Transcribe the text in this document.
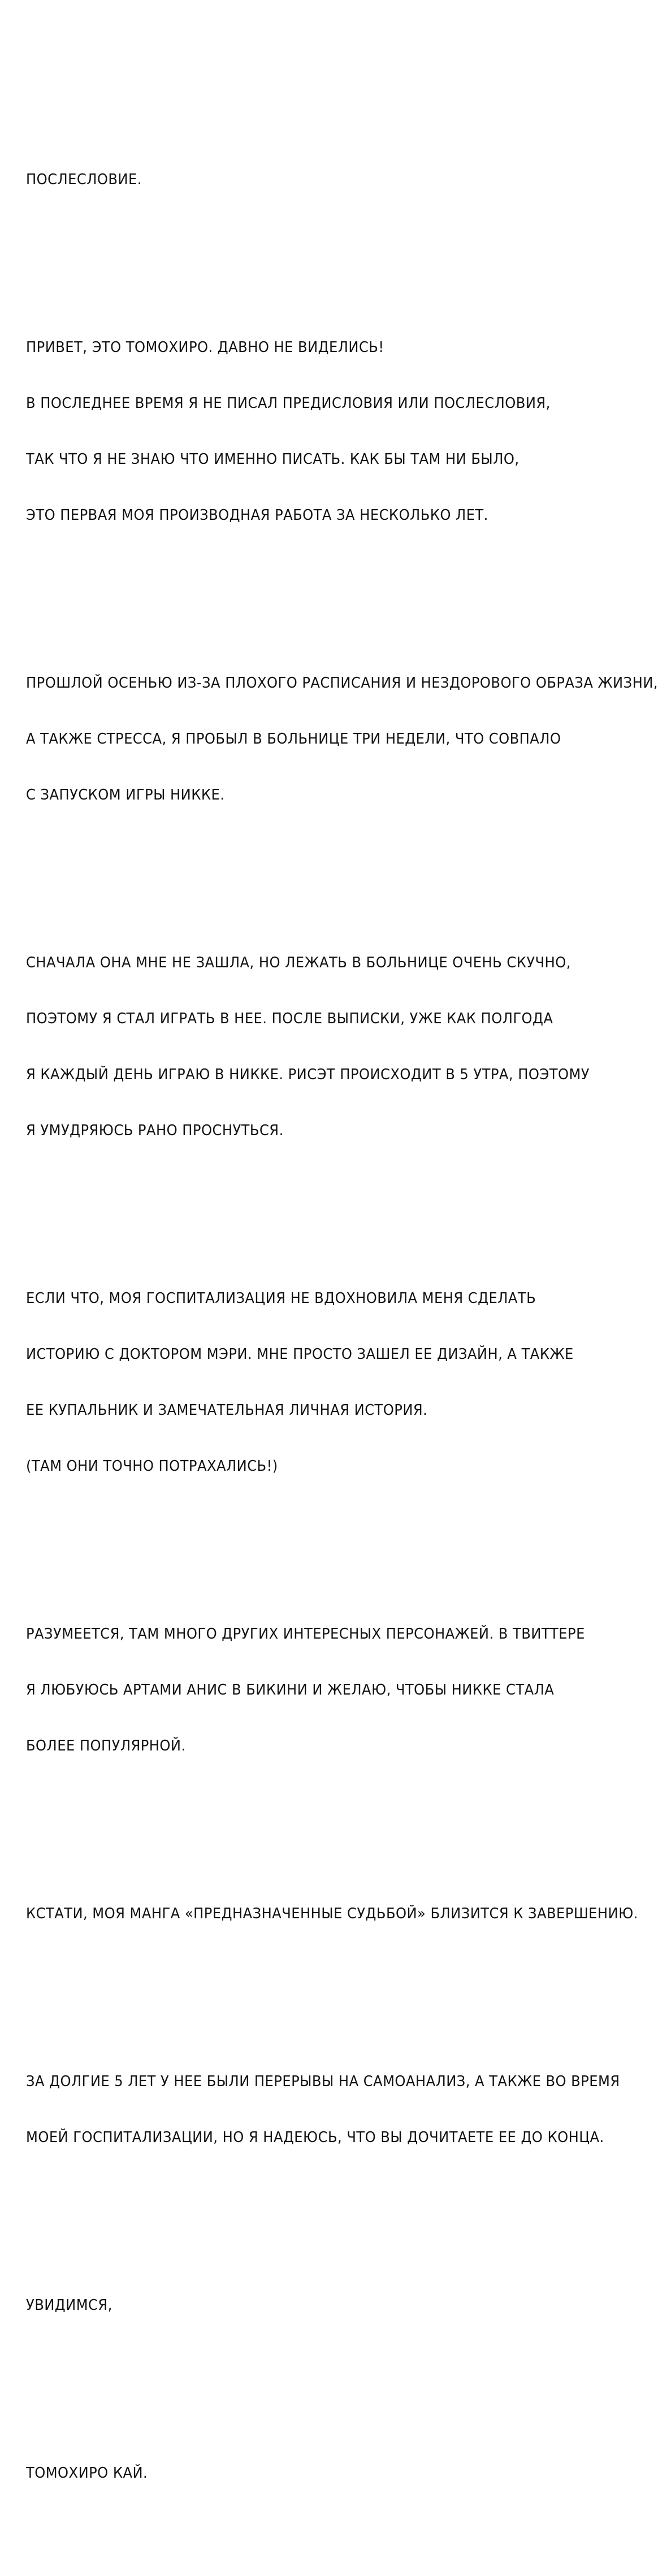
ПОСЛЕСЛОВИЕ.

ПРИВЕТ, ЭТО ТОМОХИРО. ДАВНО НЕ ВИДЕЛИСЬ!

В ПОСЛЕДНЕЕ ВРЕМЯ Я НЕ ПИСАЛ ПРЕДИСЛОВИЯ ИЛИ ПОСЛЕСЛОВИЯ,

ТАК ЧТО Я НЕ ЗНАЮ ЧТО ИМЕННО ПИСАТЬ. КАК БЫ ТАМ НИ БЫЛО,

ЭТО ПЕРВАЯ МОЯ ПРОИЗВОДНАЯ РАБОТА ЗА НЕСКОЛЬКО ЛЕТ.

ПРОШЛОЙ ОСЕНЬЮ ИЗ-ЗА ПЛОХОГО РАСПИСАНИЯ И НЕЗДОРОВОГО ОБРАЗА ЖИЗНИ,

А ТАКЖЕ СТРЕССА, Я ПРОБЫЛ В БОЛЬНИЦЕ ТРИ НЕДЕЛИ, ЧТО СОВПАЛО

С ЗАПУСКОМ ИГРЫ НИККЕ.

СНАЧАЛА ОНА МНЕ НЕ ЗАШЛА, НО ЛЕЖАТЬ В БОЛЬНИЦЕ ОЧЕНЬ СКУЧНО,

ПОЭТОМУ Я СТАЛ ИГРАТЬ В НЕЕ. ПОСЛЕ ВЫПИСКИ, УЖЕ КАК ПОЛГОДА

Я КАЖДЫЙ ДЕНЬ ИГРАЮ В НИККЕ. РИСЭТ ПРОИСХОДИТ В 5 УТРА, ПОЭТОМУ

Я УМУДРЯЮСЬ РАНО ПРОСНУТЬСЯ.

ЕСЛИ ЧТО, МОЯ ГОСПИТАЛИЗАЦИЯ НЕ ВДОХНОВИЛА МЕНЯ СДЕЛАТЬ

ИСТОРИЮ С ДОКТОРОМ МЭРИ. МНЕ ПРОСТО ЗАШЕЛ ЕЕ ДИЗАЙН, А ТАКЖЕ

ЕЕ КУПАЛЬНИК И ЗАМЕЧАТЕЛЬНАЯ ЛИЧНАЯ ИСТОРИЯ.

(ТАМ ОНИ ТОЧНО ПОТРАХАЛИСЬ!)

РАЗУМЕЕТСЯ, ТАМ МНОГО ДРУГИХ ИНТЕРЕСНЫХ ПЕРСОНАЖЕЙ. В ТВИТТЕРЕ

Я ЛЮБУЮСЬ АРТАМИ АНИС В БИКИНИ И ЖЕЛАЮ, ЧТОБЫ НИККЕ СТАЛА

БОЛЕЕ ПОПУЛЯРНОЙ.

КСТАТИ, МОЯ МАНГА «ПРЕДНАЗНАЧЕННЫЕ СУДЬБОЙ» БЛИЗИТСЯ К ЗАВЕРШЕНИЮ.

ЗА ДОЛГИЕ 5 ЛЕТ У НЕЕ БЫЛИ ПЕРЕРЫВЫ НА САМОАНАЛИЗ, А ТАКЖЕ ВО ВРЕМЯ

МОЕЙ ГОСПИТАЛИЗАЦИИ, НО Я НАДЕЮСЬ, ЧТО ВЫ ДОЧИТАЕТЕ ЕЕ ДО КОНЦА.

УВИДИМСЯ,

ТОМОХИРО КАЙ.
